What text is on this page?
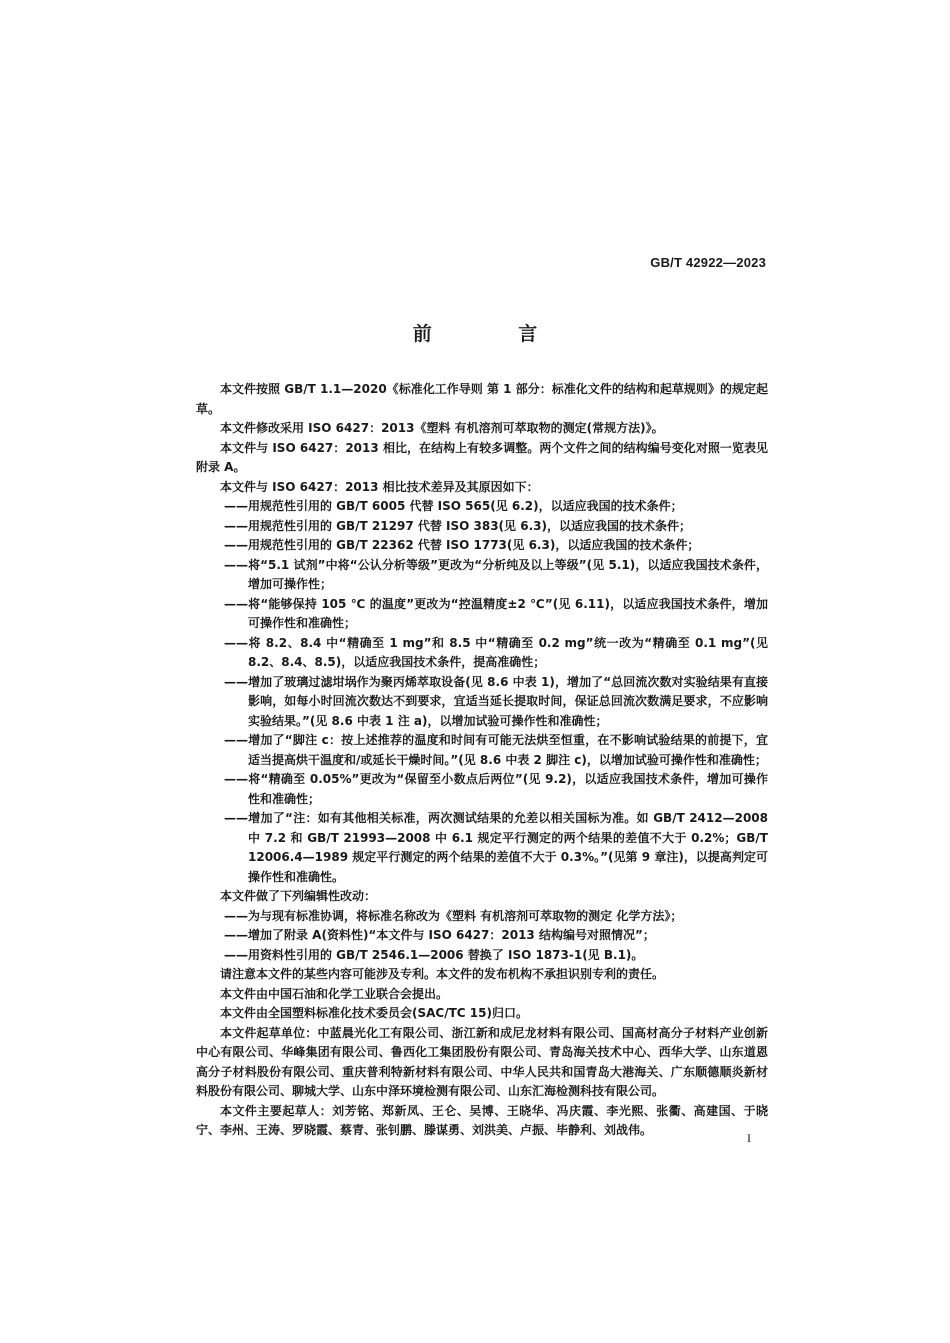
GB/T 42922—2023
前 言

本文件按照 GB/T 1.1—2020《标准化工作导则 第 1 部分：标准化文件的结构和起草规则》的规定起草。

本文件修改采用 ISO 6427：2013《塑料 有机溶剂可萃取物的测定(常规方法)》。

本文件与 ISO 6427：2013 相比，在结构上有较多调整。两个文件之间的结构编号变化对照一览表见附录 A。

本文件与 ISO 6427：2013 相比技术差异及其原因如下：

——用规范性引用的 GB/T 6005 代替 ISO 565(见 6.2)，以适应我国的技术条件；

——用规范性引用的 GB/T 21297 代替 ISO 383(见 6.3)，以适应我国的技术条件；

——用规范性引用的 GB/T 22362 代替 ISO 1773(见 6.3)，以适应我国的技术条件；

——将“5.1 试剂”中将“公认分析等级”更改为“分析纯及以上等级”(见 5.1)，以适应我国技术条件，增加可操作性；

——将“能够保持 105 ℃ 的温度”更改为“控温精度±2 ℃”(见 6.11)，以适应我国技术条件，增加可操作性和准确性；

——将 8.2、8.4 中“精确至 1 mg”和 8.5 中“精确至 0.2 mg”统一改为“精确至 0.1 mg”(见 8.2、8.4、8.5)，以适应我国技术条件，提高准确性；

——增加了玻璃过滤坩埚作为聚丙烯萃取设备(见 8.6 中表 1)，增加了“总回流次数对实验结果有直接影响，如每小时回流次数达不到要求，宜适当延长提取时间，保证总回流次数满足要求，不应影响实验结果。”(见 8.6 中表 1 注 a)，以增加试验可操作性和准确性；

——增加了“脚注 c：按上述推荐的温度和时间有可能无法烘至恒重，在不影响试验结果的前提下，宜适当提高烘干温度和/或延长干燥时间。”(见 8.6 中表 2 脚注 c)，以增加试验可操作性和准确性；

——将“精确至 0.05%”更改为“保留至小数点后两位”(见 9.2)，以适应我国技术条件，增加可操作性和准确性；

——增加了“注：如有其他相关标准，两次测试结果的允差以相关国标为准。如 GB/T 2412—2008 中 7.2 和 GB/T 21993—2008 中 6.1 规定平行测定的两个结果的差值不大于 0.2%；GB/T 12006.4—1989 规定平行测定的两个结果的差值不大于 0.3%。”(见第 9 章注)，以提高判定可操作性和准确性。

本文件做了下列编辑性改动：

——为与现有标准协调，将标准名称改为《塑料 有机溶剂可萃取物的测定 化学方法》；

——增加了附录 A(资料性)“本文件与 ISO 6427：2013 结构编号对照情况”；

——用资料性引用的 GB/T 2546.1—2006 替换了 ISO 1873-1(见 B.1)。

请注意本文件的某些内容可能涉及专利。本文件的发布机构不承担识别专利的责任。

本文件由中国石油和化学工业联合会提出。

本文件由全国塑料标准化技术委员会(SAC/TC 15)归口。

本文件起草单位：中蓝晨光化工有限公司、浙江新和成尼龙材料有限公司、国高材高分子材料产业创新中心有限公司、华峰集团有限公司、鲁西化工集团股份有限公司、青岛海关技术中心、西华大学、山东道恩高分子材料股份有限公司、重庆普利特新材料有限公司、中华人民共和国青岛大港海关、广东顺德顺炎新材料股份有限公司、聊城大学、山东中泽环境检测有限公司、山东汇海检测科技有限公司。

本文件主要起草人：刘芳铭、郑新凤、王仑、吴博、王晓华、冯庆霞、李光熙、张衢、高建国、于晓宁、李州、王涛、罗晓霞、蔡青、张钊鹏、滕谋勇、刘洪美、卢振、毕静利、刘战伟。

I
